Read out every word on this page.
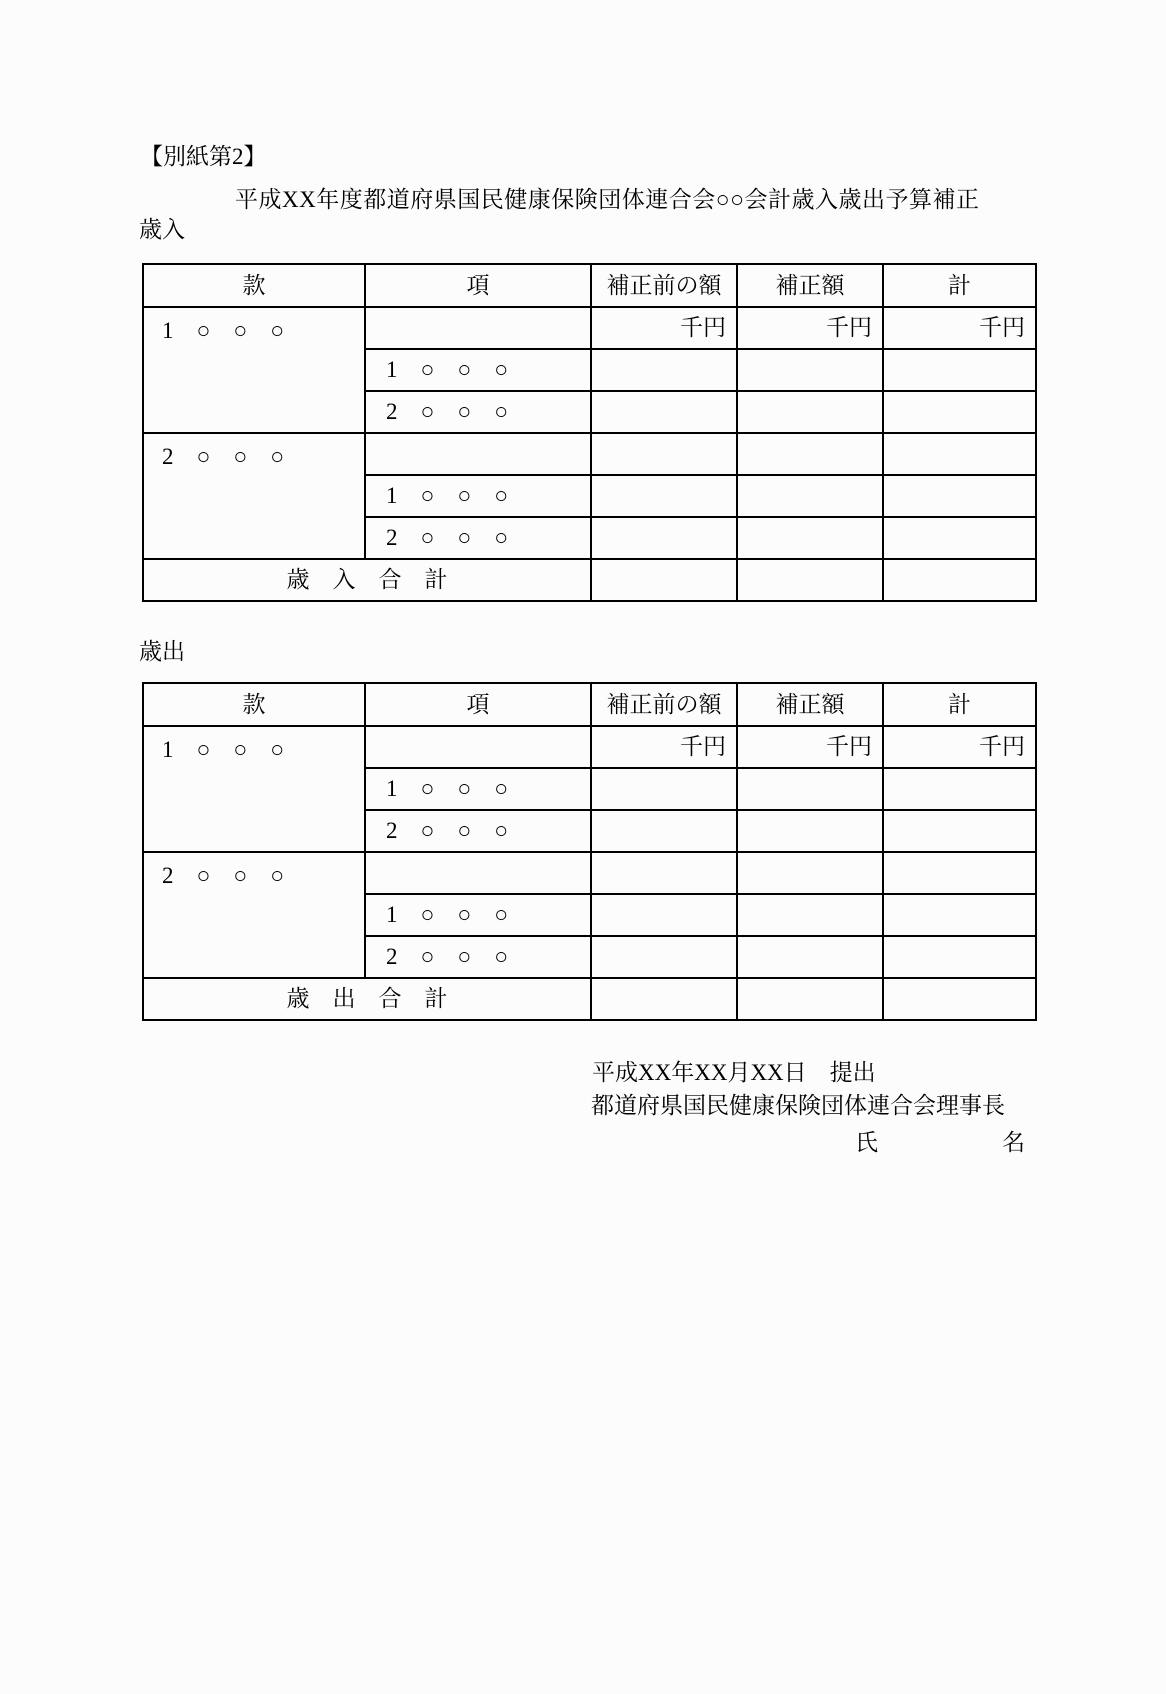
【別紙第2】
平成XX年度都道府県国民健康保険団体連合会○○会計歳入歳出予算補正
歳入
款	項	補正前の額	補正額	計
1　○　○　○		千円	千円	千円
	1　○　○　○			
	2　○　○　○			
2　○　○　○				
	1　○　○　○			
	2　○　○　○			
歳　入　合　計				
歳出
款	項	補正前の額	補正額	計
1　○　○　○		千円	千円	千円
	1　○　○　○			
	2　○　○　○			
2　○　○　○				
	1　○　○　○			
	2　○　○　○			
歳　出　合　計				
平成XX年XX月XX日　提出
都道府県国民健康保険団体連合会理事長
氏	名
